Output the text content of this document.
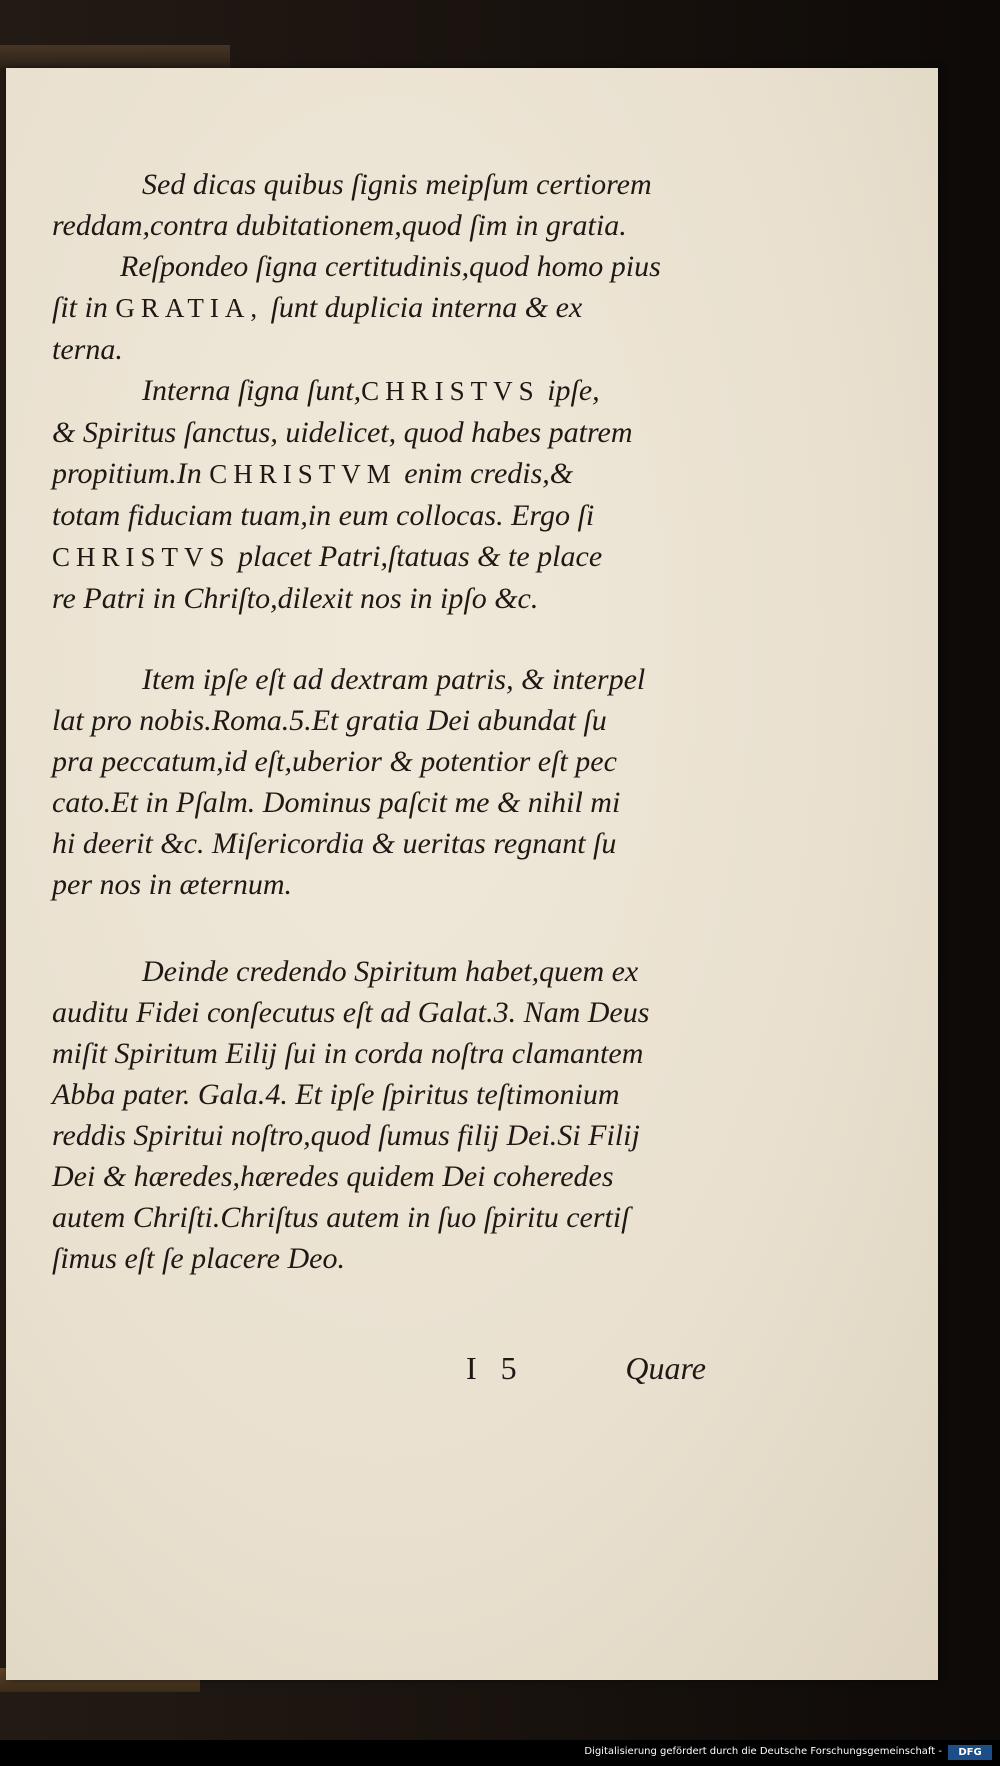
Sed dicas quibus ſignis meipſum certiorem
reddam,contra dubitationem,quod ſim in gratia.

Reſpondeo ſigna certitudinis,quod homo pius
ſit in GRATIA, ſunt duplicia interna & ex
terna.

Interna ſigna ſunt,CHRISTVS ipſe,
& Spiritus ſanctus, uidelicet, quod habes patrem
propitium.In CHRISTVM enim credis,&
totam fiduciam tuam,in eum collocas. Ergo ſi
CHRISTVS placet Patri,ſtatuas & te place
re Patri in Chriſto,dilexit nos in ipſo &c.

Item ipſe eſt ad dextram patris, & interpel
lat pro nobis.Roma.5.Et gratia Dei abundat ſu
pra peccatum,id eſt,uberior & potentior eſt pec
cato.Et in Pſalm. Dominus paſcit me & nihil mi
hi deerit &c. Miſericordia & ueritas regnant ſu
per nos in æternum.

Deinde credendo Spiritum habet,quem ex
auditu Fidei conſecutus eſt ad Galat.3. Nam Deus
miſit Spiritum Eilij ſui in corda noſtra clamantem
Abba pater. Gala.4. Et ipſe ſpiritus teſtimonium
reddis Spiritui noſtro,quod ſumus filij Dei.Si Filij
Dei & hæredes,hæredes quidem Dei coheredes
autem Chriſti.Chriſtus autem in ſuo ſpiritu certiſ
ſimus eſt ſe placere Deo.

I 5	Quare
Digitalisierung gefördert durch die Deutsche Forschungsgemeinschaft -	DFG
